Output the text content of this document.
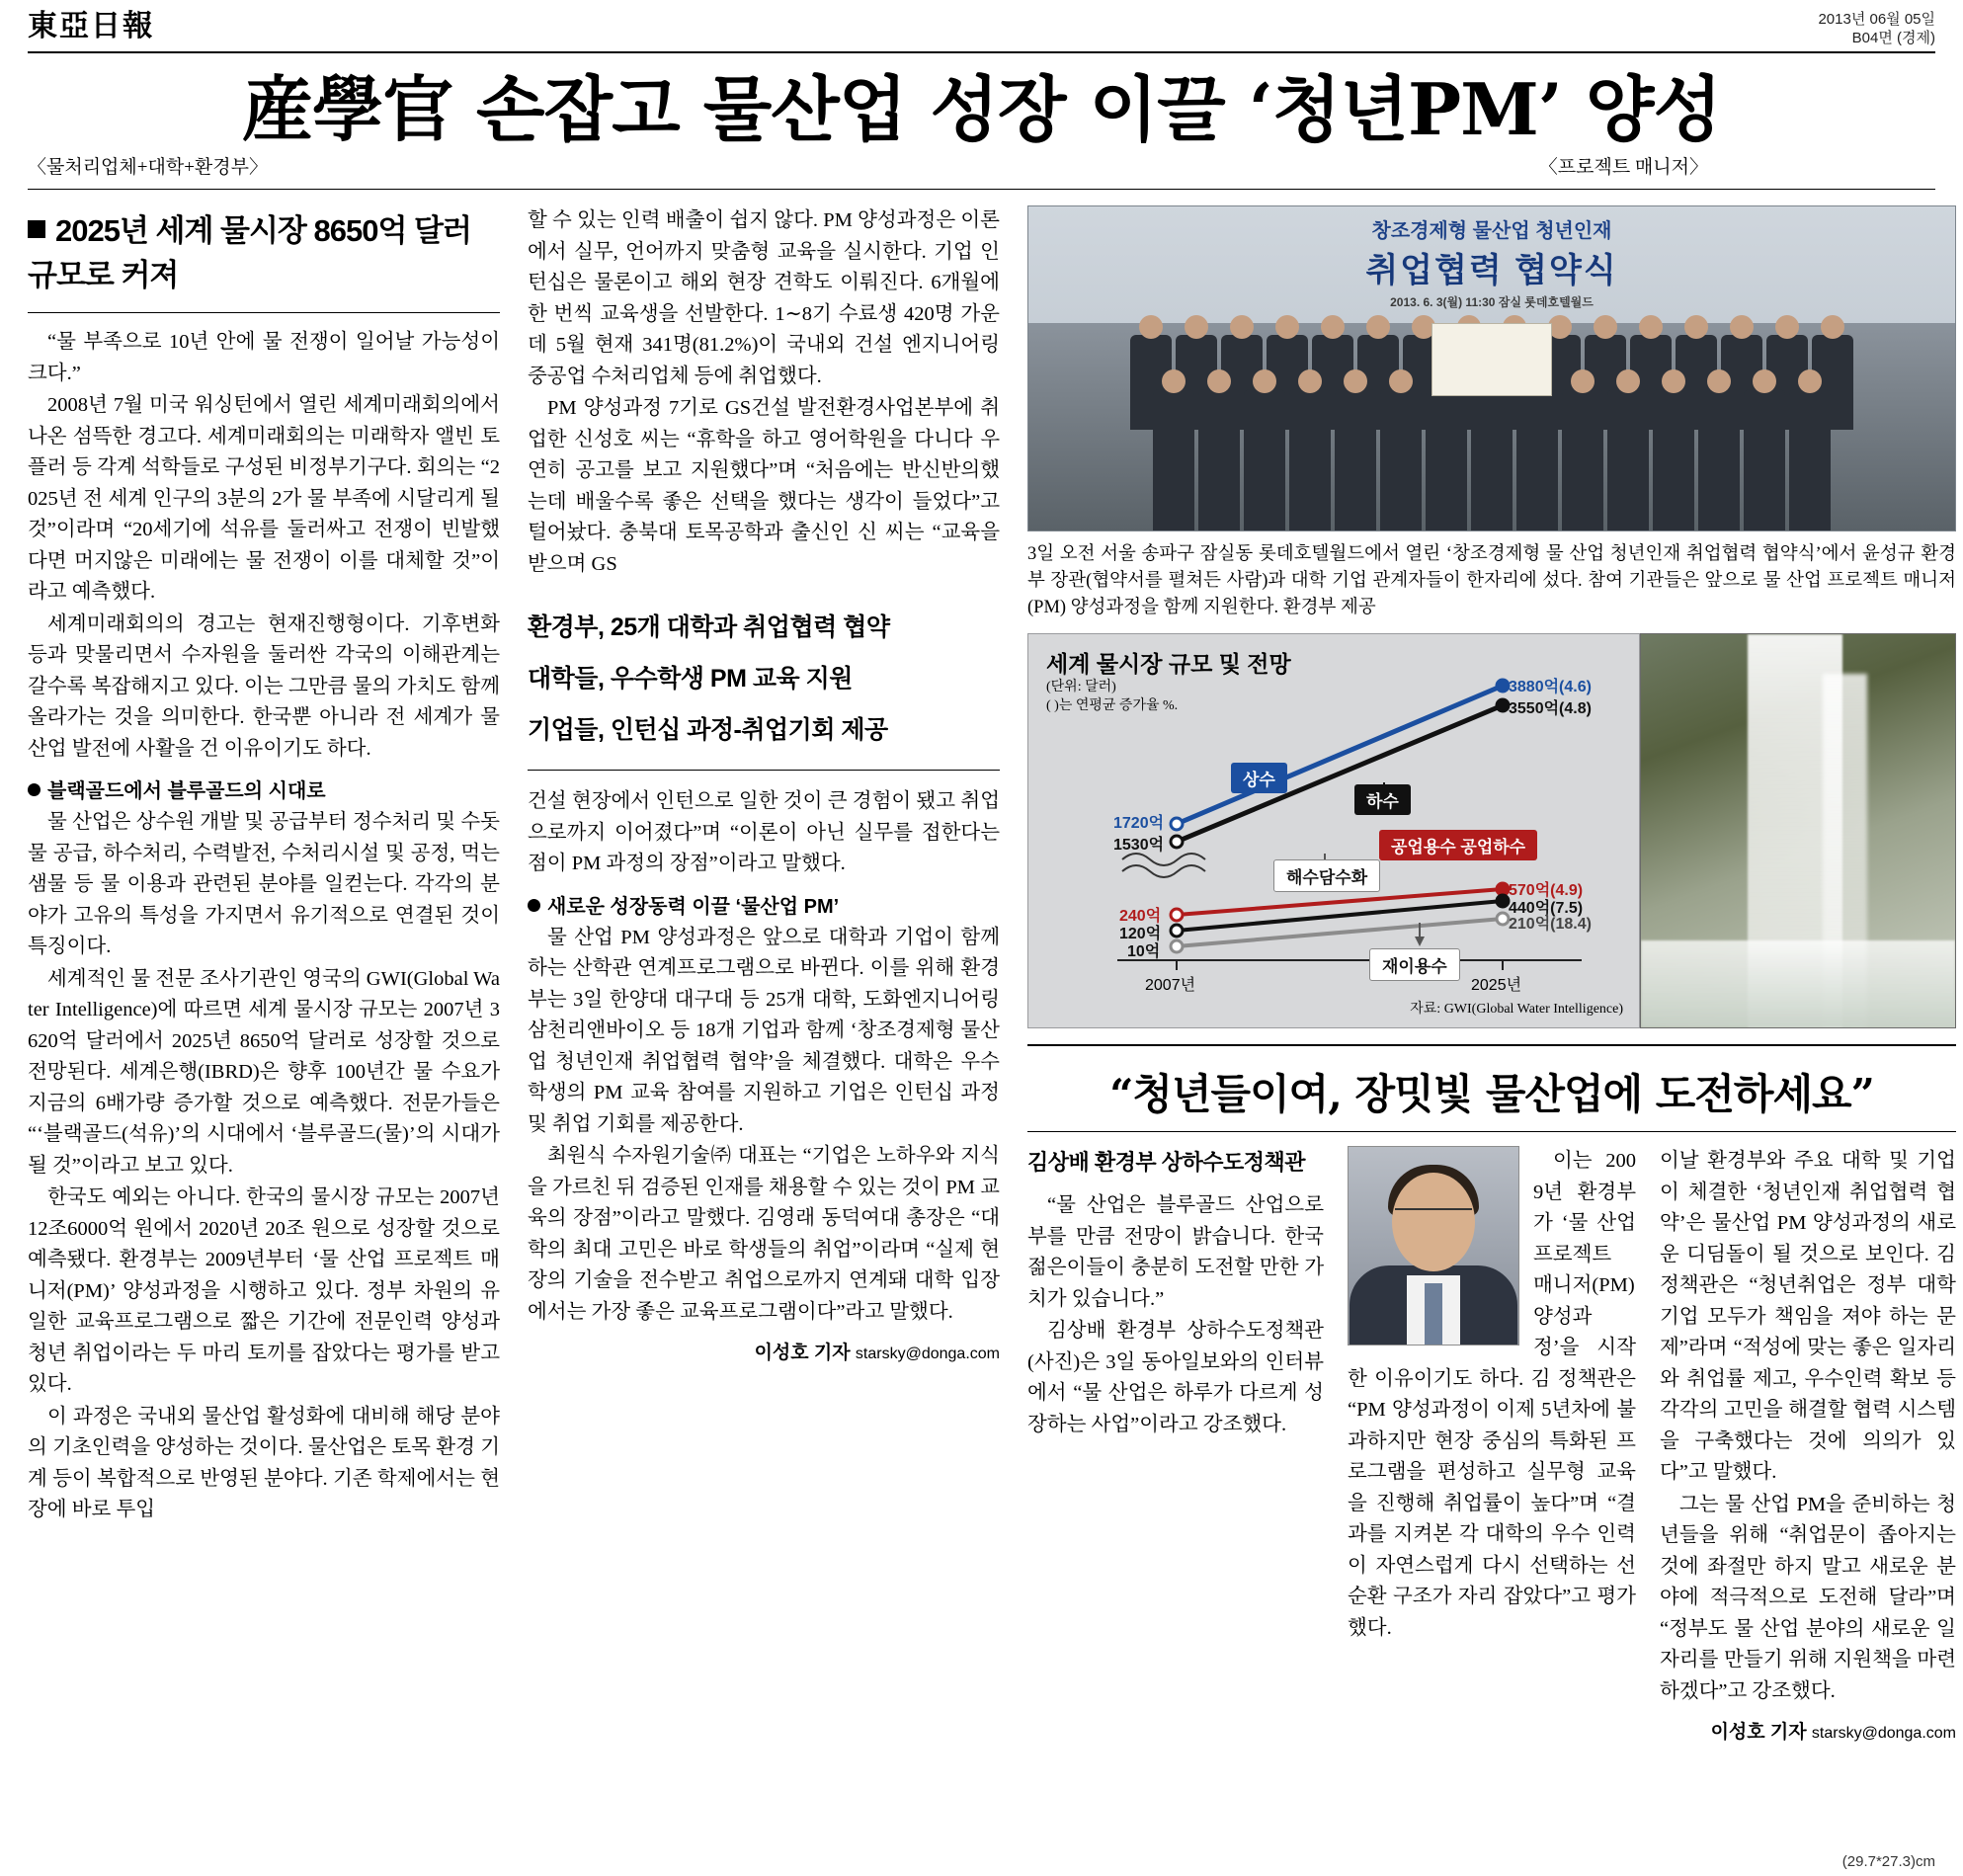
東亞日報	2013년 06월 05일
B04면 (경제)
産學官 손잡고 물산업 성장 이끌 ‘청년PM’ 양성
〈물처리업체+대학+환경부〉	〈프로젝트 매니저〉
2025년 세계 물시장 8650억 달러 규모로 커져

“물 부족으로 10년 안에 물 전쟁이 일어날 가능성이 크다.”

2008년 7월 미국 워싱턴에서 열린 세계미래회의에서 나온 섬뜩한 경고다. 세계미래회의는 미래학자 앨빈 토플러 등 각계 석학들로 구성된 비정부기구다. 회의는 “2025년 전 세계 인구의 3분의 2가 물 부족에 시달리게 될 것”이라며 “20세기에 석유를 둘러싸고 전쟁이 빈발했다면 머지않은 미래에는 물 전쟁이 이를 대체할 것”이라고 예측했다.

세계미래회의의 경고는 현재진행형이다. 기후변화 등과 맞물리면서 수자원을 둘러싼 각국의 이해관계는 갈수록 복잡해지고 있다. 이는 그만큼 물의 가치도 함께 올라가는 것을 의미한다. 한국뿐 아니라 전 세계가 물 산업 발전에 사활을 건 이유이기도 하다.

블랙골드에서 블루골드의 시대로

물 산업은 상수원 개발 및 공급부터 정수처리 및 수돗물 공급, 하수처리, 수력발전, 수처리시설 및 공정, 먹는 샘물 등 물 이용과 관련된 분야를 일컫는다. 각각의 분야가 고유의 특성을 가지면서 유기적으로 연결된 것이 특징이다.

세계적인 물 전문 조사기관인 영국의 GWI(Global Water Intelligence)에 따르면 세계 물시장 규모는 2007년 3620억 달러에서 2025년 8650억 달러로 성장할 것으로 전망된다. 세계은행(IBRD)은 향후 100년간 물 수요가 지금의 6배가량 증가할 것으로 예측했다. 전문가들은 “‘블랙골드(석유)’의 시대에서 ‘블루골드(물)’의 시대가 될 것”이라고 보고 있다.

한국도 예외는 아니다. 한국의 물시장 규모는 2007년 12조6000억 원에서 2020년 20조 원으로 성장할 것으로 예측됐다. 환경부는 2009년부터 ‘물 산업 프로젝트 매니저(PM)’ 양성과정을 시행하고 있다. 정부 차원의 유일한 교육프로그램으로 짧은 기간에 전문인력 양성과 청년 취업이라는 두 마리 토끼를 잡았다는 평가를 받고 있다.

이 과정은 국내외 물산업 활성화에 대비해 해당 분야의 기초인력을 양성하는 것이다. 물산업은 토목 환경 기계 등이 복합적으로 반영된 분야다. 기존 학제에서는 현장에 바로 투입

할 수 있는 인력 배출이 쉽지 않다. PM 양성과정은 이론에서 실무, 언어까지 맞춤형 교육을 실시한다. 기업 인턴십은 물론이고 해외 현장 견학도 이뤄진다. 6개월에 한 번씩 교육생을 선발한다. 1∼8기 수료생 420명 가운데 5월 현재 341명(81.2%)이 국내외 건설 엔지니어링 중공업 수처리업체 등에 취업했다.

PM 양성과정 7기로 GS건설 발전환경사업본부에 취업한 신성호 씨는 “휴학을 하고 영어학원을 다니다 우연히 공고를 보고 지원했다”며 “처음에는 반신반의했는데 배울수록 좋은 선택을 했다는 생각이 들었다”고 털어놨다. 충북대 토목공학과 출신인 신 씨는 “교육을 받으며 GS

환경부, 25개 대학과 취업협력 협약
대학들, 우수학생 PM 교육 지원
기업들, 인턴십 과정-취업기회 제공

건설 현장에서 인턴으로 일한 것이 큰 경험이 됐고 취업으로까지 이어졌다”며 “이론이 아닌 실무를 접한다는 점이 PM 과정의 장점”이라고 말했다.

새로운 성장동력 이끌 ‘물산업 PM’

물 산업 PM 양성과정은 앞으로 대학과 기업이 함께하는 산학관 연계프로그램으로 바뀐다. 이를 위해 환경부는 3일 한양대 대구대 등 25개 대학, 도화엔지니어링 삼천리앤바이오 등 18개 기업과 함께 ‘창조경제형 물산업 청년인재 취업협력 협약’을 체결했다. 대학은 우수 학생의 PM 교육 참여를 지원하고 기업은 인턴십 과정 및 취업 기회를 제공한다.

최원식 수자원기술㈜ 대표는 “기업은 노하우와 지식을 가르친 뒤 검증된 인재를 채용할 수 있는 것이 PM 교육의 장점”이라고 말했다. 김영래 동덕여대 총장은 “대학의 최대 고민은 바로 학생들의 취업”이라며 “실제 현장의 기술을 전수받고 취업으로까지 연계돼 대학 입장에서는 가장 좋은 교육프로그램이다”라고 말했다.

이성호 기자 starsky@donga.com
창조경제형 물산업 청년인재
취업협력 협약식
2013. 6. 3(월) 11:30 잠실 롯데호텔월드
3일 오전 서울 송파구 잠실동 롯데호텔월드에서 열린 ‘창조경제형 물 산업 청년인재 취업협력 협약식’에서 윤성규 환경부 장관(협약서를 펼쳐든 사람)과 대학 기업 관계자들이 한자리에 섰다. 참여 기관들은 앞으로 물 산업 프로젝트 매니저(PM) 양성과정을 함께 지원한다. 환경부 제공
세계 물시장 규모 및 전망
(단위: 달러)
( )는 연평균 증가율 %.
3880억(4.6)
3550억(4.8)
1720억
1530억
570억(4.9)
440억(7.5)
240억	210억(18.4)
120억
10억
상수
하수
해수담수화
공업용수 공업하수
재이용수
2007년	2025년
자료: GWI(Global Water Intelligence)
“청년들이여, 장밋빛 물산업에 도전하세요”
김상배 환경부 상하수도정책관

“물 산업은 블루골드 산업으로 부를 만큼 전망이 밝습니다. 한국 젊은이들이 충분히 도전할 만한 가치가 있습니다.”

김상배 환경부 상하수도정책관(사진)은 3일 동아일보와의 인터뷰에서 “물 산업은 하루가 다르게 성장하는 사업”이라고 강조했다.

이는 2009년 환경부가 ‘물 산업 프로젝트 매니저(PM) 양성과정’을 시작한 이유이기도 하다. 김 정책관은 “PM 양성과정이 이제 5년차에 불과하지만 현장 중심의 특화된 프로그램을 편성하고 실무형 교육을 진행해 취업률이 높다”며 “결과를 지켜본 각 대학의 우수 인력이 자연스럽게 다시 선택하는 선순환 구조가 자리 잡았다”고 평가했다.

이날 환경부와 주요 대학 및 기업이 체결한 ‘청년인재 취업협력 협약’은 물산업 PM 양성과정의 새로운 디딤돌이 될 것으로 보인다. 김 정책관은 “청년취업은 정부 대학 기업 모두가 책임을 져야 하는 문제”라며 “적성에 맞는 좋은 일자리와 취업률 제고, 우수인력 확보 등 각각의 고민을 해결할 협력 시스템을 구축했다는 것에 의의가 있다”고 말했다.

그는 물 산업 PM을 준비하는 청년들을 위해 “취업문이 좁아지는 것에 좌절만 하지 말고 새로운 분야에 적극적으로 도전해 달라”며 “정부도 물 산업 분야의 새로운 일자리를 만들기 위해 지원책을 마련하겠다”고 강조했다.

이성호 기자 starsky@donga.com
(29.7*27.3)cm
